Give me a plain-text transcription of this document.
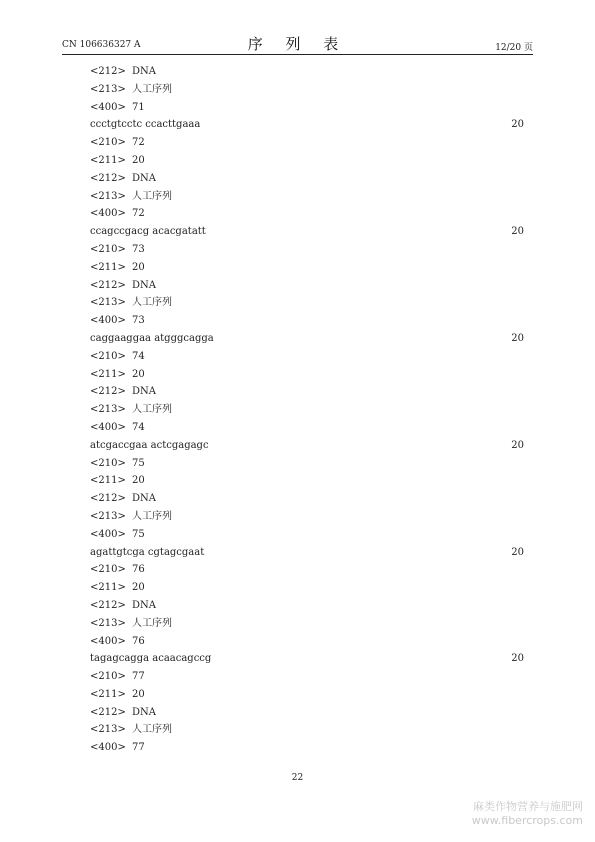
CN 106636327 A	序 列 表	12/20 页
<212> DNA
<213> 人工序列
<400> 71
ccctgtcctc ccacttgaaa	20
<210> 72
<211> 20
<212> DNA
<213> 人工序列
<400> 72
ccagccgacg acacgatatt	20
<210> 73
<211> 20
<212> DNA
<213> 人工序列
<400> 73
caggaaggaa atgggcagga	20
<210> 74
<211> 20
<212> DNA
<213> 人工序列
<400> 74
atcgaccgaa actcgagagc	20
<210> 75
<211> 20
<212> DNA
<213> 人工序列
<400> 75
agattgtcga cgtagcgaat	20
<210> 76
<211> 20
<212> DNA
<213> 人工序列
<400> 76
tagagcagga acaacagccg	20
<210> 77
<211> 20
<212> DNA
<213> 人工序列
<400> 77
22
麻类作物营养与施肥网
www.fibercrops.com
